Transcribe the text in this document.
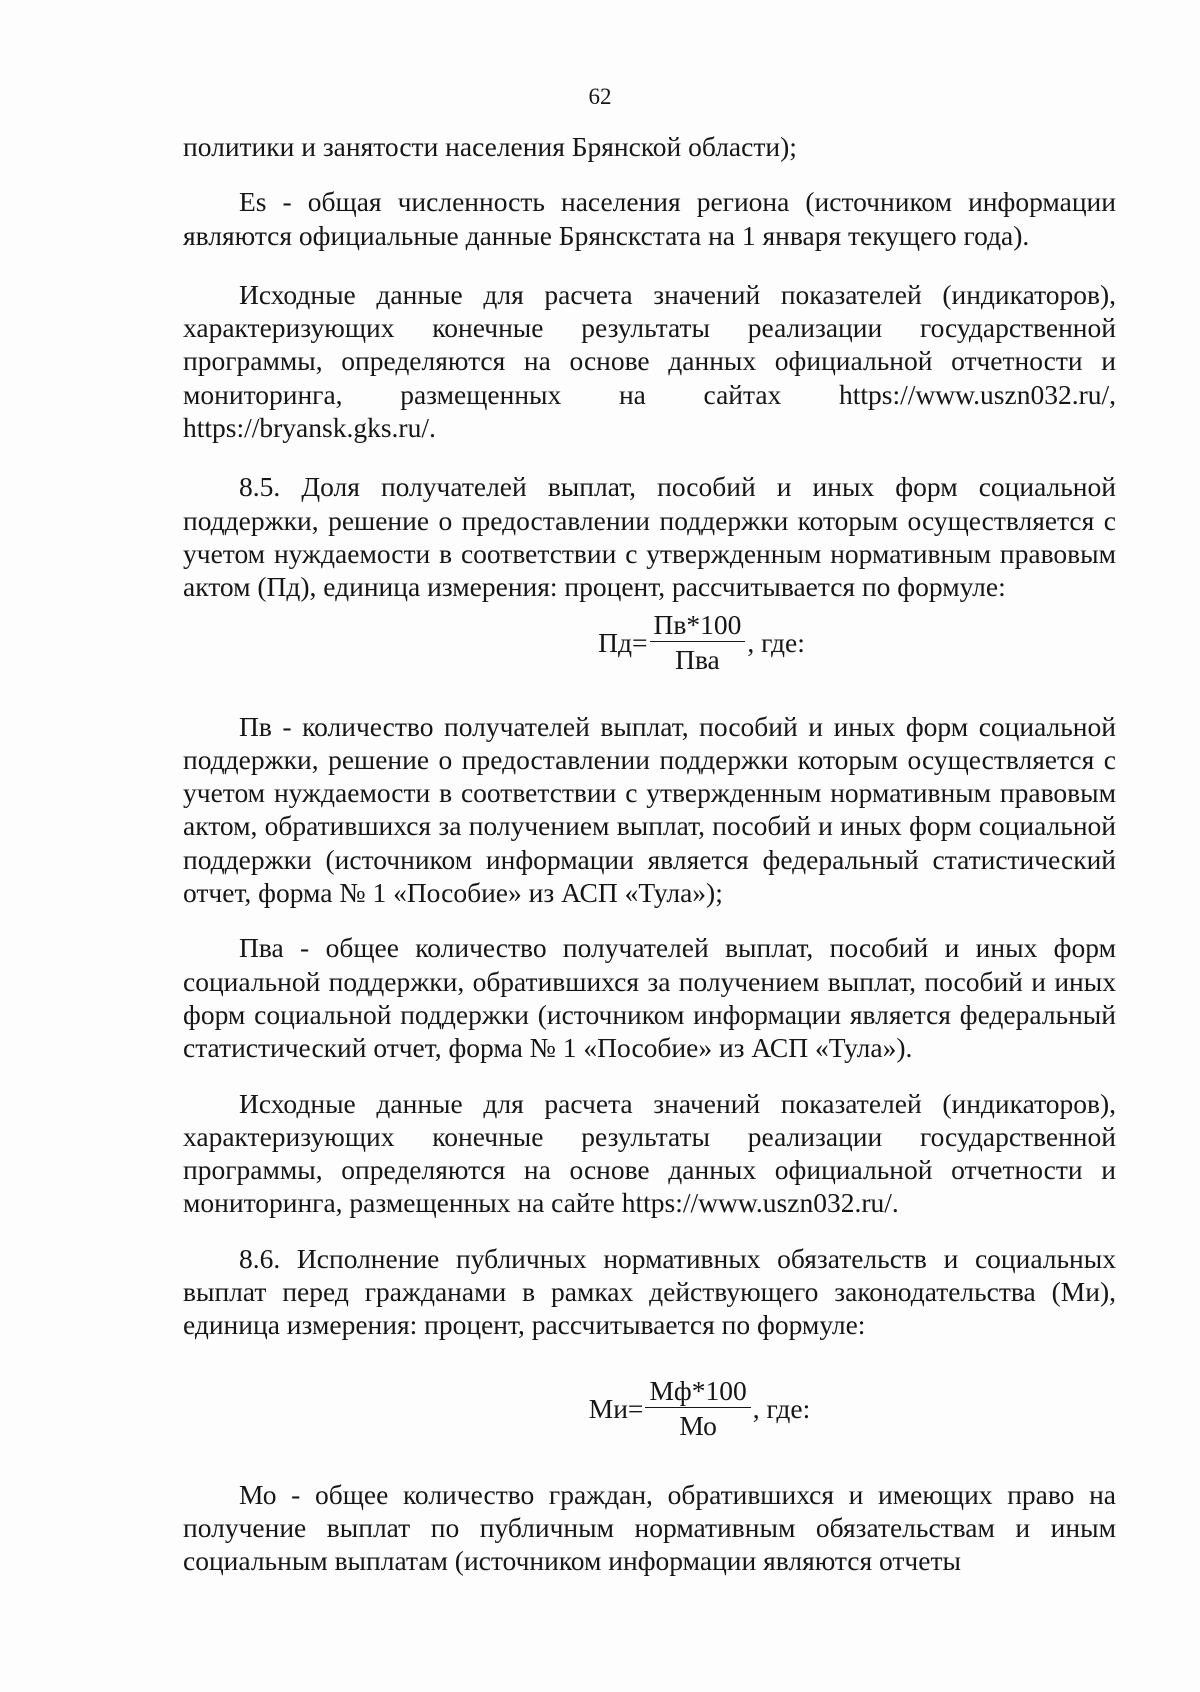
62

политики и занятости населения Брянской области);

Es - общая численность населения региона (источником информации являются официальные данные Брянскстата на 1 января текущего года).

Исходные данные для расчета значений показателей (индикаторов), характеризующих конечные результаты реализации государственной программы, определяются на основе данных официальной отчетности и мониторинга, размещенных на сайтах https://www.uszn032.ru/, https://bryansk.gks.ru/.

8.5. Доля получателей выплат, пособий и иных форм социальной поддержки, решение о предоставлении поддержки которым осуществляется с учетом нуждаемости в соответствии с утвержденным нормативным правовым актом (Пд), единица измерения: процент, рассчитывается по формуле:

$Пд= \frac{Пв*100}{\text{Пва}}$ , где:

Пв - количество получателей выплат, пособий и иных форм социальной поддержки, решение о предоставлении поддержки которым осуществляется с учетом нуждаемости в соответствии с утвержденным нормативным правовым актом, обратившихся за получением выплат, пособий и иных форм социальной поддержки (источником информации является федеральный статистический отчет, форма № 1 «Пособие» из АСП «Тула»);

Пва - общее количество получателей выплат, пособий и иных форм социальной поддержки, обратившихся за получением выплат, пособий и иных форм социальной поддержки (источником информации является федеральный статистический отчет, форма № 1 «Пособие» из АСП «Тула»).

Исходные данные для расчета значений показателей (индикаторов), характеризующих конечные результаты реализации государственной программы, определяются на основе данных официальной отчетности и мониторинга, размещенных на сайте https://www.uszn032.ru/.

8.6. Исполнение публичных нормативных обязательств и социальных выплат перед гражданами в рамках действующего законодательства (Ми), единица измерения: процент, рассчитывается по формуле:

$Ми= \frac{Мф*100}{Мо}$ , где:

Мо - общее количество граждан, обратившихся и имеющих право на получение выплат по публичным нормативным обязательствам и иным социальным выплатам (источником информации являются отчеты
